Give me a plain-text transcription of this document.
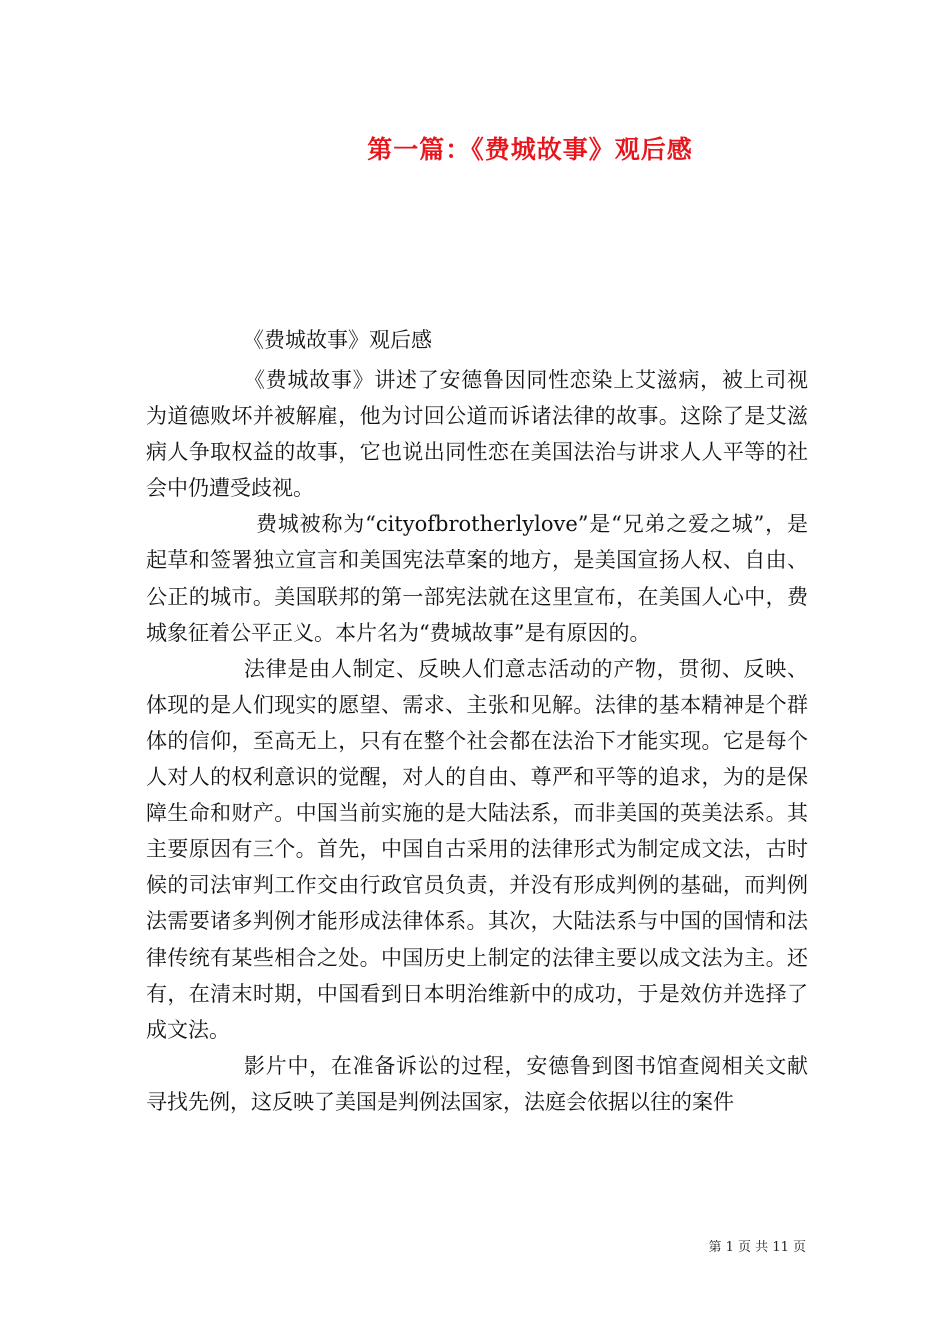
第一篇：《费城故事》观后感
《费城故事》观后感

《费城故事》讲述了安德鲁因同性恋染上艾滋病，被上司视为道德败坏并被解雇，他为讨回公道而诉诸法律的故事。这除了是艾滋病人争取权益的故事，它也说出同性恋在美国法治与讲求人人平等的社会中仍遭受歧视。

费城被称为“cityofbrotherlylove”是“兄弟之爱之城”，是起草和签署独立宣言和美国宪法草案的地方，是美国宣扬人权、自由、公正的城市。美国联邦的第一部宪法就在这里宣布，在美国人心中，费城象征着公平正义。本片名为“费城故事”是有原因的。

法律是由人制定、反映人们意志活动的产物，贯彻、反映、体现的是人们现实的愿望、需求、主张和见解。法律的基本精神是个群体的信仰，至高无上，只有在整个社会都在法治下才能实现。它是每个人对人的权利意识的觉醒，对人的自由、尊严和平等的追求，为的是保障生命和财产。中国当前实施的是大陆法系，而非美国的英美法系。其主要原因有三个。首先，中国自古采用的法律形式为制定成文法，古时候的司法审判工作交由行政官员负责，并没有形成判例的基础，而判例法需要诸多判例才能形成法律体系。其次，大陆法系与中国的国情和法律传统有某些相合之处。中国历史上制定的法律主要以成文法为主。还有，在清末时期，中国看到日本明治维新中的成功，于是效仿并选择了成文法。

影片中，在准备诉讼的过程，安德鲁到图书馆查阅相关文献寻找先例，这反映了美国是判例法国家，法庭会依据以往的案件

第 1 页 共 11 页
